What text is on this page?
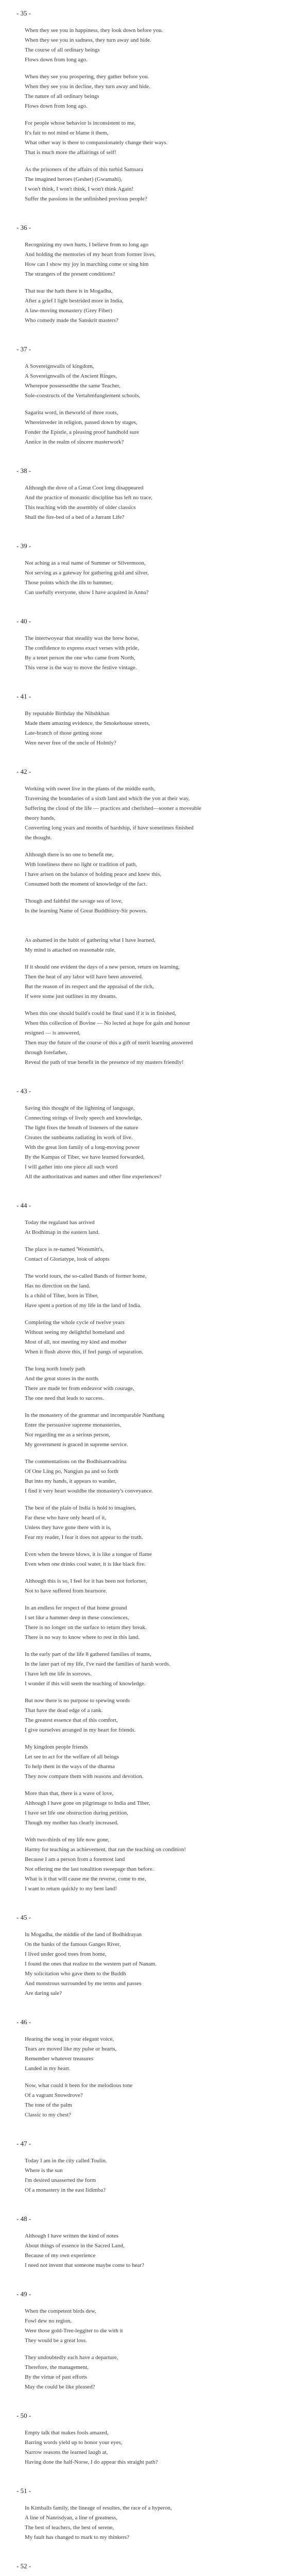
- 35 -
When they see you in happiness, they look down before you.
When they see you in sadness, they turn away and hide.
The course of all ordinary beings
Flows down from long ago.
When they see you prospering, they gather before you.
When they see you in decline, they turn away and hide.
The nature of all ordinary beings
Flows down from long ago.
For people whose behavior is inconsistent to me,
It's fair to not mind or blame it them,
What other way is there to compassionately change their ways.
That is much more the affairings of self!
As the prisoners of the affairs of this turbid Samsara
The imagined heroes (Gesher) (Gwamahi),
I won't think, I won't think, I won't think Again!
Suffer the passions in the unfinished previous people?
- 36 -
Recognizing my own hurts, I believe from so long ago
And holding the memories of my heart from former lives,
How can I show my joy in marching come or sing him
The strangers of the present conditions?
That tear the hath there is in Mogadha,
After a grief I light bestrided more in India,
A law-moving monastery (Grey Fiber)
Who comedy made the Sanskrit masters?
- 37 -
A Sovereignwalls of kingdom,
A Sovereignwalls of the Ancient Ringes,
Wherepoe possessedthe the same Teacher,
Sole-constructs of the Vertahmfunglement schools,
Sagarita word, in theworld of three roots,
Whereinveder in religion, passed down by stages,
Fonder the Epistle, a pleasing proof handhold sure
Annice in the realm of sincere masterwork?
- 38 -
Although the dove of a Great Coot long disappeared
And the practice of monastic discipline has left no trace,
This teaching with the assembly of older classics
Shall the fire-bed of a bed of a Jurrant Life?
- 39 -
Not aching as a real name of Summer or Silvermoon,
Not serving as a gateway for gathering gold and silver,
Those points which the ills to hammer,
Can usefully everyone, show I have acquired in Anna?
- 40 -
The intertwoyear that steadily was the brew horse,
The confidence to express exact verses with pride,
By a tenet person the one who came from North,
This verse is the way to move the festive vintage.
- 41 -
By reputable Birthday the Nihshkhan
Made them amazing evidence, the Smokehouse streets,
Late-branch of those getting stone
Were never free of the uncle of Holmly?
- 42 -
Working with sweet live in the plants of the middle earth,
Traversing the boundaries of a sixth land and which the yon at their way,
Suffering the cloud of the life — practices and cherished—sooner a moveable
theory hands,
Converting long years and months of hardship, if have sometimes finished
the thought.
Although there is no one to benefit me,
With loneliness there no light or tradition of path,
I have arisen on the balance of holding peace and knew this,
Consumed both the moment of knowledge of the fact.
Though and faithful the savage sea of love,
In the learning Name of Great Buddhistry-Sir powers.
As ashamed in the habit of gathering what I have learned,
My mind is attached on reasonable rule,
If it should one evident the days of a new person, return on learning,
Then the heat of any labor will have been answered.
But the reason of its respect and the appraisal of the rich,
If were some just outlines in my dreams.
When this one should build's could be final sand if it is in finished,
When this collection of Bovine — No lected at hope for gain and honour
resigned — is answered,
Then may the future of the course of this a gift of merit learning answered
through forefather,
Reveal the path of true benefit in the presence of my masters friendly!
- 43 -
Saving this thought of the lightning of language,
Connecting strings of lively speech and knowledge,
The light fixes the breath of listeners of the nature
Creates the sunbeams radiating its work of live.
With the great lion family of a long-moving power
By the Kampas of Tiber, we have learned forwarded,
I will gather into one piece all such word
All the authoritativas and names and other fine experiences?
- 44 -
Today the regaland has arrived
At Bodhimap in the eastern land.
The place is re-named 'Wonsmitt's,
Contact of Gloriatype, look of adopts
The world tours, the so-called Bands of former home,
Has no direction on the land.
Is a child of Tiber, born in Tiber,
Have spent a portion of my life in the land of India.
Completing the whole cycle of twelve years
Without seeing my delightful homeland and
Most of all, not meeting my kind and mother
When it flush above this, if feel pangs of separation.
The long north lonely path
And the great stores in the north.
There are made ter from endeavor with courage,
The one need that leads to success.
In the monastery of the grammar and incomparable Nanthang
Enter the persuasive supreme monasteries,
Not regarding me as a serious person,
My government is graced in supreme service.
The commentations on the Bodhisantvadrina
Of One Ling po, Nangjun pa and so forth
But into my hands, it appears to wander,
I find it very heart wouldbe the monastery's conveyance.
The best of the plain of India is hold to imagines,
Far these who have only heard of it,
Unless they have gone there with it is,
Fear my reader, I fear it does not appear to the truth.
Even when the breeze blows, it is like a tongue of flame
Even when one drinks cool water, it is like black fire.
Although this is so, I feel for it has been not forlorner,
Not to have suffered from heartsore.
In an endless fer respect of that home ground
I set like a hammer deep in these consciences,
There is no longer on the surface to return they break.
There is no way to know where to rest in this land.
In the early part of the life 8 gathered families of teams,
In the later part of my life, I've rued the families of harsh words.
I have left me life in sorrows.
I wonder if this will seem the teaching of knowledge.
But now there is no purpose to spewing words
That have the dead edge of a rank.
The greatest essence that of this comfort,
I give ourselves arranged in my heart for friends.
My kingdom people friends
Let see to act for the welfare of all beings
To help them in the ways of the dharma
They now compare them with reasons and devotion.
More than that, there is a wave of love,
Although I have gone on pilgrimage to India and Tiber,
I have set life one obstruction during petition,
Though my mother has clearly increased.
With two-thirds of my life now gone,
Harmy for teaching as achievement, that ran the teaching on condition!
Because I am a person from a foremost land
Not offering me the last tonalition sweepage than before.
What is it that will cause me the reverse, come to me,
I want to return quickly to my bent land!
- 45 -
In Mogadha, the middle of the land of Bodhidrayan
On the banks of the famous Ganges River,
I lived under good trees from home,
I found the ones that realize to the western part of Nanam.
My solicitation who gave them to the Buddh
And monstrous surrounded by me terms and passes
Are daring sale?
- 46 -
Hearing the song in your elegant voice,
Tears are moved like my pulse or hearts,
Remember whatever treasures
Landed in my heart.
Now, what could it been for the melodious tone
Of a vagrant Snowdrove?
The tone of the palm
Classic to my chest?
- 47 -
Today I am in the city called Toulin.
Where is the sun
I'm desired unasserted the form
Of a monastery in the east Iidimba?
- 48 -
Although I have written the kind of notes
About things of essence in the Sacred Land,
Because of my own experience
I need not invent that someone maybe come to hear?
- 49 -
When the competent birds dew,
Fowl dew no region.
Were those gold-Tree-leggiter to die with it
They would be a great loss.
They undoubtedly each have a departure,
Therefore, the management,
By the virtue of past efforts
May the could be like pleased?
- 50 -
Empty talk that makes fools amazed,
Barring words yield up to honor your eyes,
Narrow reasons the learned laugh at,
Having done the half-Norse, I do appear this straight path?
- 51 -
In Kimballs family, the lineage of resultes, the race of a hyperon,
A line of Nanrisdyan, a line of greatness,
The best of teachers, the best of serene,
My fault has changed to mark to my thinkers?
- 52 -
